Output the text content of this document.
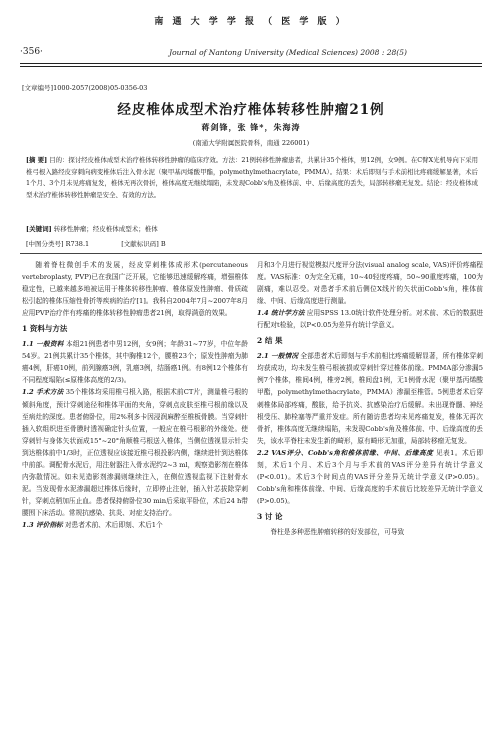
南 通 大 学 学 报 （ 医 学 版 ）
·356·	Journal of Nantong University (Medical Sciences) 2008 : 28(5)
[文章编号]1000-2057(2008)05-0356-03
经皮椎体成型术治疗椎体转移性肿瘤21例
蒋剑锋，张 锋*，朱海涛
(南通大学附属医院骨科，南通 226001)
[摘 要] 目的：探讨经皮椎体成型术治疗椎体转移性肿瘤的临床疗效。方法：21例转移性肿瘤患者，共累计35个椎体，男12例，女9例。在C臂X光机导向下采用椎弓根入路经皮穿刺向病变椎体后注入骨水泥（聚甲基丙烯酸甲酯，polymethylmethacrylate，PMMA）。结果：术后即刻与手术前相比疼痛缓解显著，术后1个月、3个月未见疼痛复发，椎体无再次骨折，椎体高度无继续塌陷，未发现Cobb's角及椎体前、中、后缘高度的丢失，局部转移瘤无复发。结论：经皮椎体成型术治疗椎体转移性肿瘤是安全、有效的方法。
[关键词] 转移性肿瘤；经皮椎体成型术；椎体
[中图分类号] R738.1	[文献标识码] B

随着脊柱微创手术的发展，经皮穿刺椎体成形术(percutaneous vertebroplasty, PVP)已在我国广泛开展，它能够迅速缓解疼痛，增强椎体稳定性，已越来越多地被运用于椎体转移性肿瘤、椎体原发性肿瘤、骨质疏松引起的椎体压缩性骨折等疾病的治疗[1]。我科自2004年7月~2007年8月应用PVP治疗伴有疼痛的椎体转移性肿瘤患者21例，取得满意的效果。

1 资料与方法

1.1 一般资料 本组21例患者中男12例，女9例；年龄31~77岁，中位年龄54岁。21例共累计35个椎体，其中胸椎12个，腰椎23个；原发性肿瘤为肺癌4例，肝癌10例，前列腺癌3例，乳癌3例，结肠癌1例。有8例12个椎体有不同程度塌陷(≤原椎体高度的2/3)。

1.2 手术方法 35个椎体均采用椎弓根入路，根据术前CT片，测量椎弓根的倾斜角度，预计穿刺途径和椎体平面的夹角，穿刺点皮肤至椎弓根前缘以及至病灶的深度。患者俯卧位，用2%利多卡因浸润麻醉至椎板骨膜。当穿刺针插入软组织进至骨膜时透视确定针头位置，一般应在椎弓根影的外缘处。使穿刺针与身体矢状面成15°~20°角顺椎弓根送入椎体，当侧位透视显示针尖到达椎体前中1/3时，正位透视应该接近椎弓根投影内侧，继续进针到达椎体中前部。调配骨水泥后，用注射器注入骨水泥约2~3 ml，观察造影剂在椎体内弥散情况。如未见造影剂渗漏则继续注入，在侧位透视监视下注射骨水泥。当发现骨水泥渗漏超过椎体后缘时，立即停止注射，插入针芯拔除穿刺针，穿刺点稍加压止血。患者保持俯卧位30 min后采取平卧位，术后24 h带腰围下床活动。常规抗感染、抗炎、对症支持治疗。

1.3 评价指标 对患者术前、术后即刻、术后1个

月和3个月进行视觉模拟尺度评分法(visual analog scale, VAS)评价疼痛程度。VAS标准：0为完全无痛，10~40轻度疼痛，50~90重度疼痛，100为剧痛，难以忍受。对患者手术前后侧位X线片的矢状面Cobb's角，椎体前缘、中间、后缘高度进行测量。

1.4 统计学方法 应用SPSS 13.0统计软件处理分析。对术前、术后的数据进行配对t检验，以P<0.05为差异有统计学意义。

2 结 果

2.1 一般情况 全部患者术后即刻与手术前相比疼痛缓解显著，所有椎体穿刺均获成功，均未发生椎弓根被损或穿刺针穿过椎体前缘。PMMA部分渗漏5例7个椎体，椎间4例，椎旁2例，椎间盘1例，无1例骨水泥（聚甲基丙烯酸甲酯，polymethylmethacrylate，PMMA）渗漏至椎管。5例患者术后穿刺椎体局部疼痛，酸胀，给予抗炎、抗感染治疗后缓解。未出现脊髓、神经根受压、肺栓塞等严重并发症。所有随访患者均未见疼痛复发，椎体无再次骨折，椎体高度无继续塌陷，未发现Cobb's角及椎体前、中、后缘高度的丢失，该水平脊柱未发生新的畸形，原有畸形无加重，局部转移瘤无复发。

2.2 VAS评分、Cobb's角和椎体前缘、中间、后缘高度 见表1。术后即刻，术后1个月、术后3个月与手术前的VAS评分差异有统计学意义(P<0.01)。术后3个时间点的VAS评分差异无统计学意义(P>0.05)。Cobb's角和椎体前缘、中间、后缘高度的手术前后比较差异无统计学意义(P>0.05)。

3 讨 论

脊柱是多种恶性肿瘤转移的好发部位，可导致
